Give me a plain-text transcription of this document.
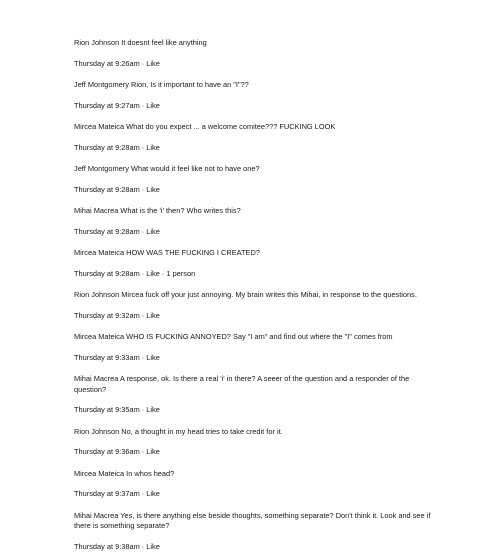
Rion Johnson It doesnt feel like anything

Thursday at 9:26am · Like

Jeff Montgomery Rion, Is it important to have an "I"??

Thursday at 9:27am · Like

Mircea Mateica What do you expect ... a welcome comitee??? FUCKING LOOK

Thursday at 9:28am · Like

Jeff Montgomery What would it feel like not to have one?

Thursday at 9:28am · Like

Mihai Macrea What is the 'i' then? Who writes this?

Thursday at 9:28am · Like

Mircea Mateica HOW WAS THE FUCKING I CREATED?

Thursday at 9:28am · Like · 1 person

Rion Johnson Mircea fuck off your just annoying. My brain writes this Mihai, in response to the questions.

Thursday at 9:32am · Like

Mircea Mateica WHO IS FUCKING ANNOYED? Say "I am" and find out where the "I" comes from

Thursday at 9:33am · Like

Mihai Macrea A response, ok. Is there a real 'i' in there? A seeer of the question and a responder of the question?

Thursday at 9:35am · Like

Rion Johnson No, a thought in my head tries to take credit for it.

Thursday at 9:36am · Like

Mircea Mateica In whos head?

Thursday at 9:37am · Like

Mihai Macrea Yes, is there anything else beside thoughts, something separate? Don't think it. Look and see if there is something separate?

Thursday at 9:38am · Like
